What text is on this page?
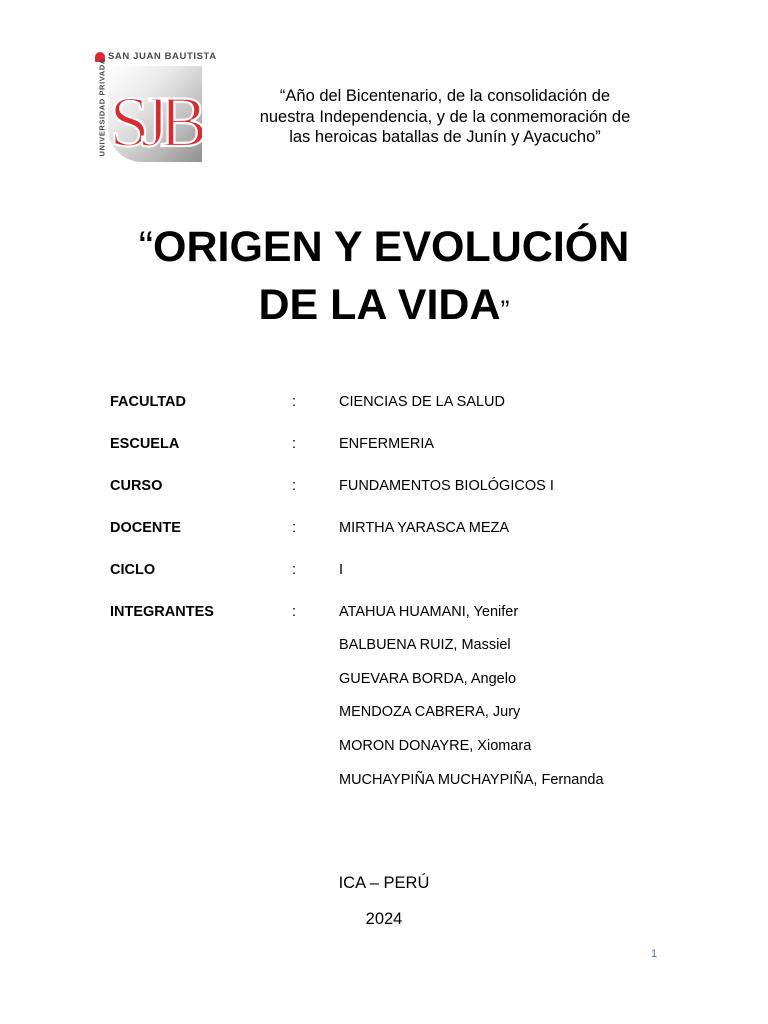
SAN JUAN BAUTISTA
UNIVERSIDAD PRIVADA SJB	“Año del Bicentenario, de la consolidación de
nuestra Independencia, y de la conmemoración de
las heroicas batallas de Junín y Ayacucho”
“ORIGEN Y EVOLUCIÓN
DE LA VIDA”
FACULTAD	:	CIENCIAS DE LA SALUD
ESCUELA	:	ENFERMERIA
CURSO	:	FUNDAMENTOS BIOLÓGICOS I
DOCENTE	:	MIRTHA YARASCA MEZA
CICLO	:	I
INTEGRANTES	:	ATAHUA HUAMANI, Yenifer
BALBUENA RUIZ, Massiel
GUEVARA BORDA, Angelo
MENDOZA CABRERA, Jury
MORON DONAYRE, Xiomara
MUCHAYPIÑA MUCHAYPIÑA, Fernanda
ICA – PERÚ
2024
1
